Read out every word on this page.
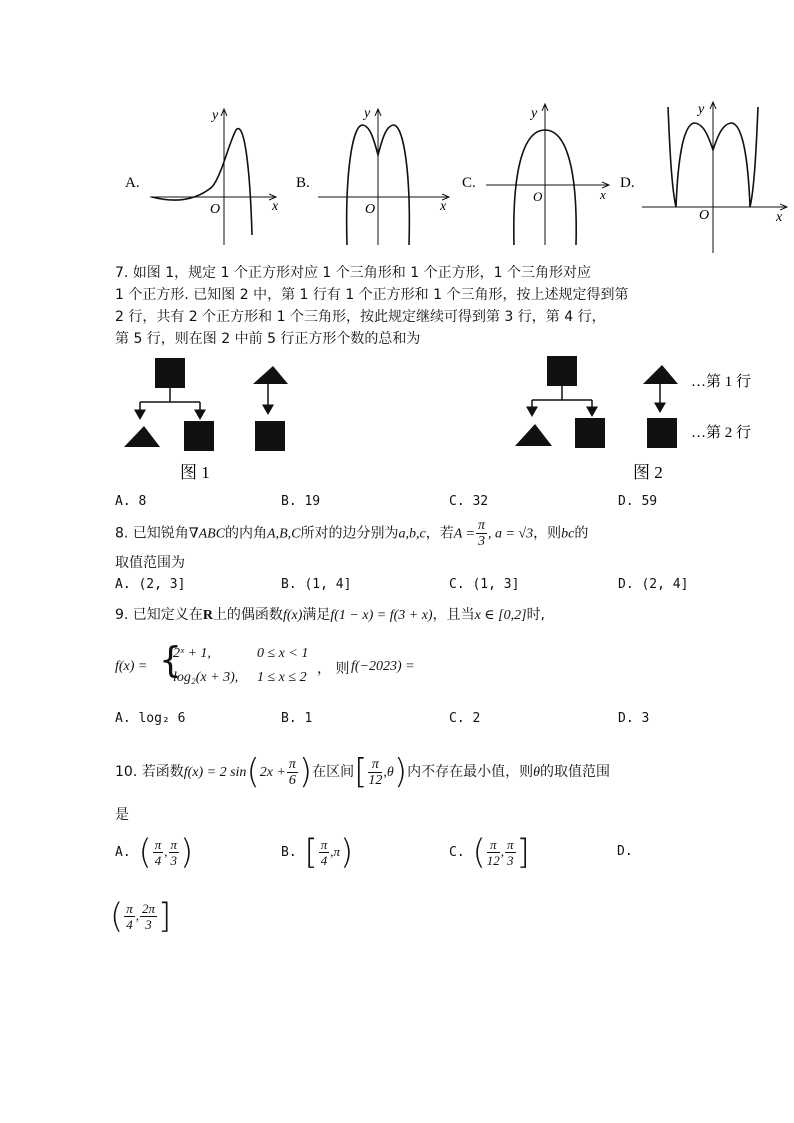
A.
y
x
O
B.
y
x
O
C.
y
x
O
D.
y
x
O
7. 如图 1，规定 1 个正方形对应 1 个三角形和 1 个正方形，1 个三角形对应
1 个正方形. 已知图 2 中，第 1 行有 1 个正方形和 1 个三角形，按上述规定得到第
2 行，共有 2 个正方形和 1 个三角形，按此规定继续可得到第 3 行，第 4 行，
第 5 行，则在图 2 中前 5 行正方形个数的总和为
图 1
…第 1 行
…第 2 行
图 2
A. 8	B. 19	C. 32	D. 59
8. 已知锐角∇ABC的内角A,B,C所对的边分别为a,b,c，若$A = \frac{\pi}{3}$ , a = √3，则bc的
取值范围为
A. (2, 3]	B. (1, 4]	C. (1, 3]	D. (2, 4]
9. 已知定义在R上的偶函数f(x)满足f(1 − x) = f(3 + x)，且当x ∈ [0,2]时,
f(x) = {
2ˣ + 1,	0 ≤ x < 1
log₂(x + 3), 1 ≤ x ≤ 2
， 则 f(−2023) =
A. log₂ 6	B. 1	C. 2	D. 3
10. 若函数f(x) = 2 $\sin(2x + \frac{\pi}{6}$ )在区间[ $\frac{\pi}{12} ,\theta$)内不存在最小值，则θ的取值范围
是
A. ( $\frac{\pi}{4}$ , $\frac{\pi}{3}$ )	B. [ $\frac{\pi}{4} ,\pi$)	C. ( $\frac{\pi}{12}$ , $\frac{\pi}{3}$ ]	D.
( $\frac{\pi}{4}$ , $\frac{2\pi}{3}$ ]
